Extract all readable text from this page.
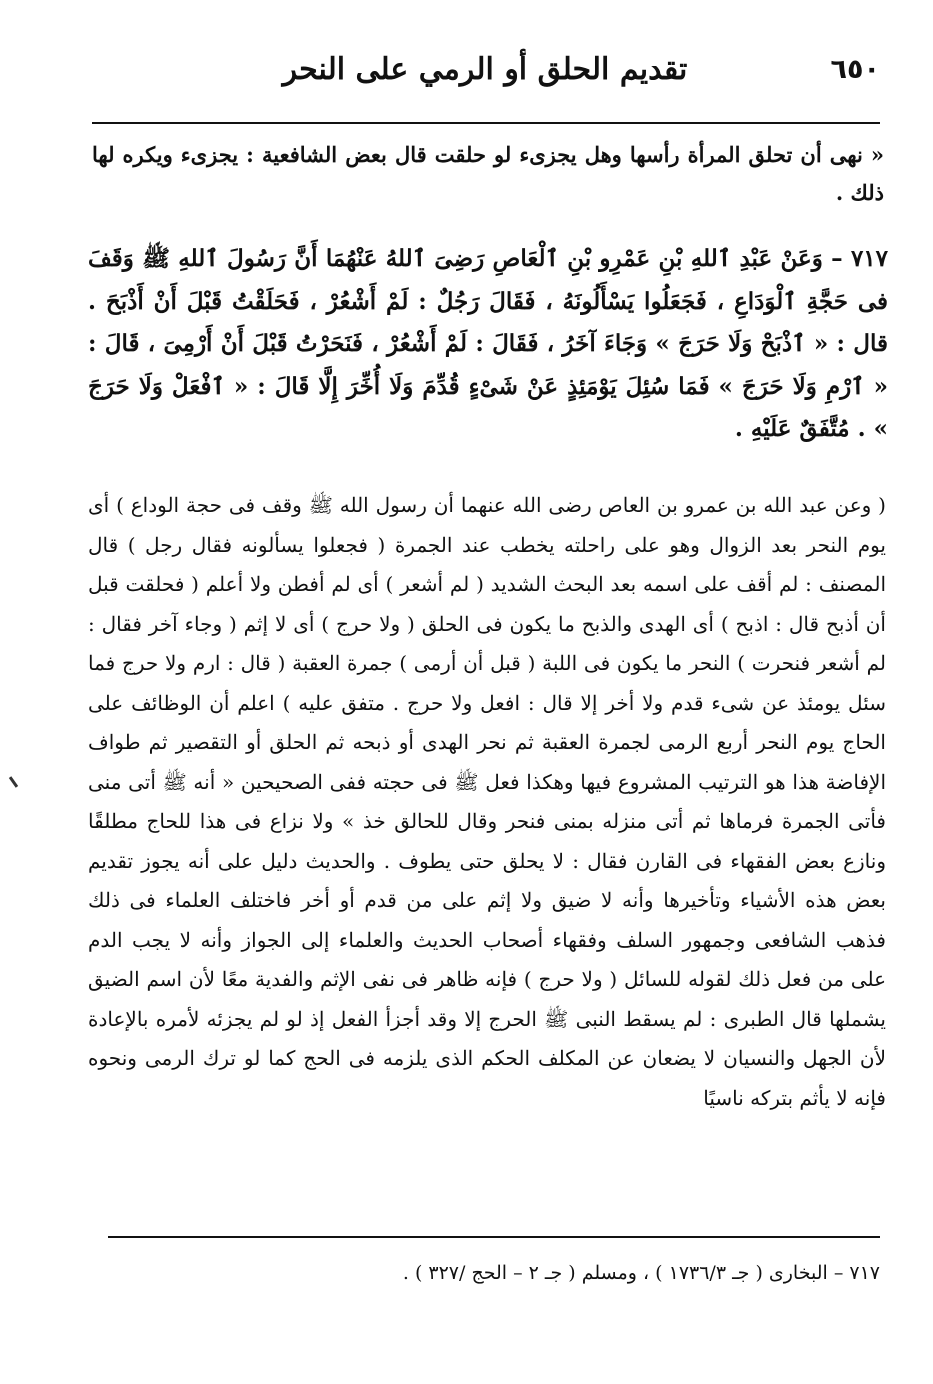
٦٥٠
تقديم الحلق أو الرمي على النحر

« نهى أن تحلق المرأة رأسها وهل يجزىء لو حلقت قال بعض الشافعية : يجزىء ويكره لها ذلك .

٧١٧ – وَعَنْ عَبْدِ ٱللهِ بْنِ عَمْرِو بْنِ ٱلْعَاصِ رَضِىَ ٱللهُ عَنْهُمَا أَنَّ رَسُولَ ٱللهِ ﷺ وَقَفَ فى حَجَّةِ ٱلْوَدَاعِ ، فَجَعَلُوا يَسْأَلُونَهُ ، فَقَالَ رَجُلٌ : لَمْ أَشْعُرْ ، فَحَلَقْتُ قَبْلَ أَنْ أَذْبَحَ . قال : « ٱذْبَحْ وَلَا حَرَجَ » وَجَاءَ آخَرُ ، فَقَالَ : لَمْ أَشْعُرْ ، فَنَحَرْتُ قَبْلَ أَنْ أَرْمِىَ ، قَالَ : « ٱرْمِ وَلَا حَرَجَ » فَمَا سُئِلَ يَوْمَئِذٍ عَنْ شَىْءٍ قُدِّمَ وَلَا أُخِّرَ إِلَّا قَالَ : « ٱفْعَلْ وَلَا حَرَجَ » . مُتَّفَقٌ عَلَيْهِ .

( وعن عبد الله بن عمرو بن العاص رضى الله عنهما أن رسول الله ﷺ وقف فى حجة الوداع ) أى يوم النحر بعد الزوال وهو على راحلته يخطب عند الجمرة ( فجعلوا يسألونه فقال رجل ) قال المصنف : لم أقف على اسمه بعد البحث الشديد ( لم أشعر ) أى لم أفطن ولا أعلم ( فحلقت قبل أن أذبح قال : اذبح ) أى الهدى والذبح ما يكون فى الحلق ( ولا حرج ) أى لا إثم ( وجاء آخر فقال : لم أشعر فنحرت ) النحر ما يكون فى اللبة ( قبل أن أرمى ) جمرة العقبة ( قال : ارم ولا حرج فما سئل يومئذ عن شىء قدم ولا أخر إلا قال : افعل ولا حرج . متفق عليه ) اعلم أن الوظائف على الحاج يوم النحر أربع الرمى لجمرة العقبة ثم نحر الهدى أو ذبحه ثم الحلق أو التقصير ثم طواف الإفاضة هذا هو الترتيب المشروع فيها وهكذا فعل ﷺ فى حجته ففى الصحيحين « أنه ﷺ أتى منى فأتى الجمرة فرماها ثم أتى منزله بمنى فنحر وقال للحالق خذ » ولا نزاع فى هذا للحاج مطلقًا ونازع بعض الفقهاء فى القارن فقال : لا يحلق حتى يطوف . والحديث دليل على أنه يجوز تقديم بعض هذه الأشياء وتأخيرها وأنه لا ضيق ولا إثم على من قدم أو أخر فاختلف العلماء فى ذلك فذهب الشافعى وجمهور السلف وفقهاء أصحاب الحديث والعلماء إلى الجواز وأنه لا يجب الدم على من فعل ذلك لقوله للسائل ( ولا حرج ) فإنه ظاهر فى نفى الإثم والفدية معًا لأن اسم الضيق يشملها قال الطبرى : لم يسقط النبى ﷺ الحرج إلا وقد أجزأ الفعل إذ لو لم يجزئه لأمره بالإعادة لأن الجهل والنسيان لا يضعان عن المكلف الحكم الذى يلزمه فى الحج كما لو ترك الرمى ونحوه فإنه لا يأثم بتركه ناسيًا

٧١٧ – البخارى ( جـ ١٧٣٦/٣ ) ، ومسلم ( جـ ٢ – الحج /٣٢٧ ) .
